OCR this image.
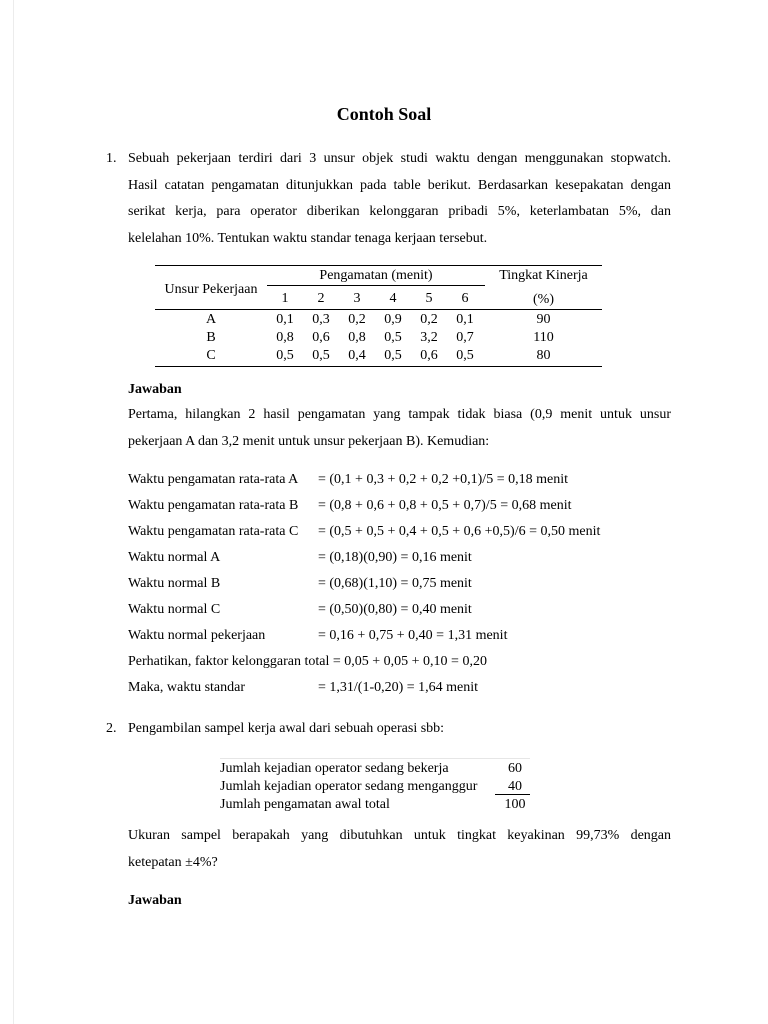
Contoh Soal
1. Sebuah pekerjaan terdiri dari 3 unsur objek studi waktu dengan menggunakan stopwatch.
Hasil catatan pengamatan ditunjukkan pada table berikut. Berdasarkan kesepakatan dengan
serikat kerja, para operator diberikan kelonggaran pribadi 5%, keterlambatan 5%, dan
kelelahan 10%. Tentukan waktu standar tenaga kerjaan tersebut.
Unsur Pekerjaan
Pengamatan (menit)	Tingkat Kinerja
(%)
1	2	3	4	5	6
A	0,1	0,3	0,2	0,9	0,2	0,1	90
B	0,8	0,6	0,8	0,5	3,2	0,7	110
C	0,5	0,5	0,4	0,5	0,6	0,5	80
Jawaban
Pertama, hilangkan 2 hasil pengamatan yang tampak tidak biasa (0,9 menit untuk unsur
pekerjaan A dan 3,2 menit untuk unsur pekerjaan B). Kemudian:
Waktu pengamatan rata-rata A = (0,1 + 0,3 + 0,2 + 0,2 +0,1)/5 = 0,18 menit
Waktu pengamatan rata-rata B = (0,8 + 0,6 + 0,8 + 0,5 + 0,7)/5 = 0,68 menit
Waktu pengamatan rata-rata C = (0,5 + 0,5 + 0,4 + 0,5 + 0,6 +0,5)/6 = 0,50 menit
Waktu normal A	= (0,18)(0,90) = 0,16 menit
Waktu normal B	= (0,68)(1,10) = 0,75 menit
Waktu normal C	= (0,50)(0,80) = 0,40 menit
Waktu normal pekerjaan	= 0,16 + 0,75 + 0,40 = 1,31 menit
Perhatikan, faktor kelonggaran total = 0,05 + 0,05 + 0,10 = 0,20
Maka, waktu standar	= 1,31/(1-0,20) = 1,64 menit
2. Pengambilan sampel kerja awal dari sebuah operasi sbb:
Jumlah kejadian operator sedang bekerja	60
Jumlah kejadian operator sedang menganggur	40
Jumlah pengamatan awal total	100
Ukuran sampel berapakah yang dibutuhkan untuk tingkat keyakinan 99,73% dengan
ketepatan ±4%?
Jawaban
